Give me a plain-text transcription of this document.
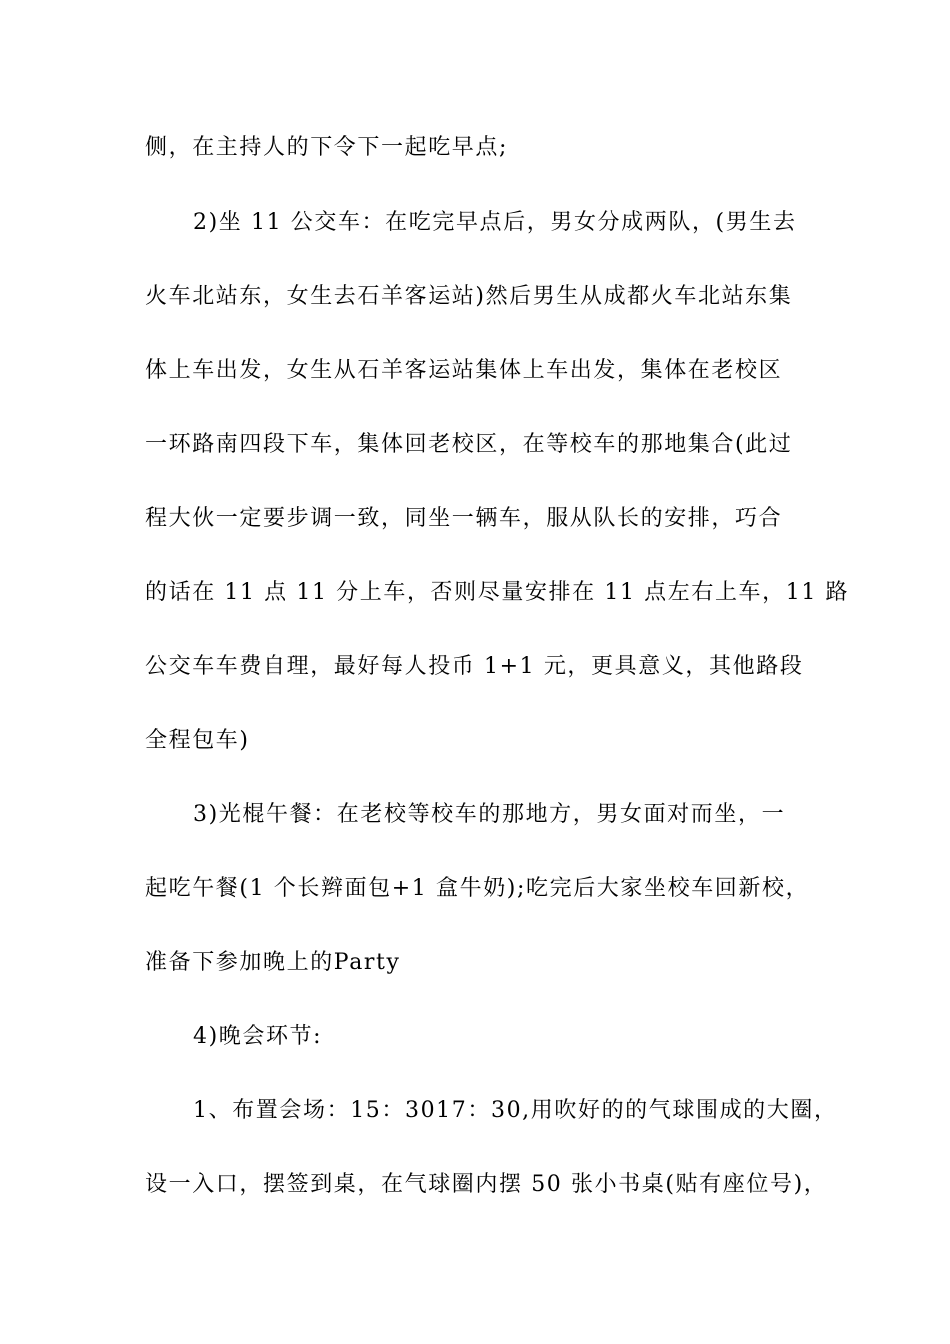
侧，在主持人的下令下一起吃早点;
2)坐 11 公交车：在吃完早点后，男女分成两队，(男生去
火车北站东，女生去石羊客运站)然后男生从成都火车北站东集
体上车出发，女生从石羊客运站集体上车出发，集体在老校区
一环路南四段下车，集体回老校区，在等校车的那地集合(此过
程大伙一定要步调一致，同坐一辆车，服从队长的安排，巧合
的话在 11 点 11 分上车，否则尽量安排在 11 点左右上车，11 路
公交车车费自理，最好每人投币 1+1 元，更具意义，其他路段
全程包车)
3)光棍午餐：在老校等校车的那地方，男女面对而坐，一
起吃午餐(1 个长辫面包+1 盒牛奶);吃完后大家坐校车回新校，
准备下参加晚上的Party
4)晚会环节:
1、布置会场：15：3017：30,用吹好的的气球围成的大圈，
设一入口，摆签到桌，在气球圈内摆 50 张小书桌(贴有座位号)，
